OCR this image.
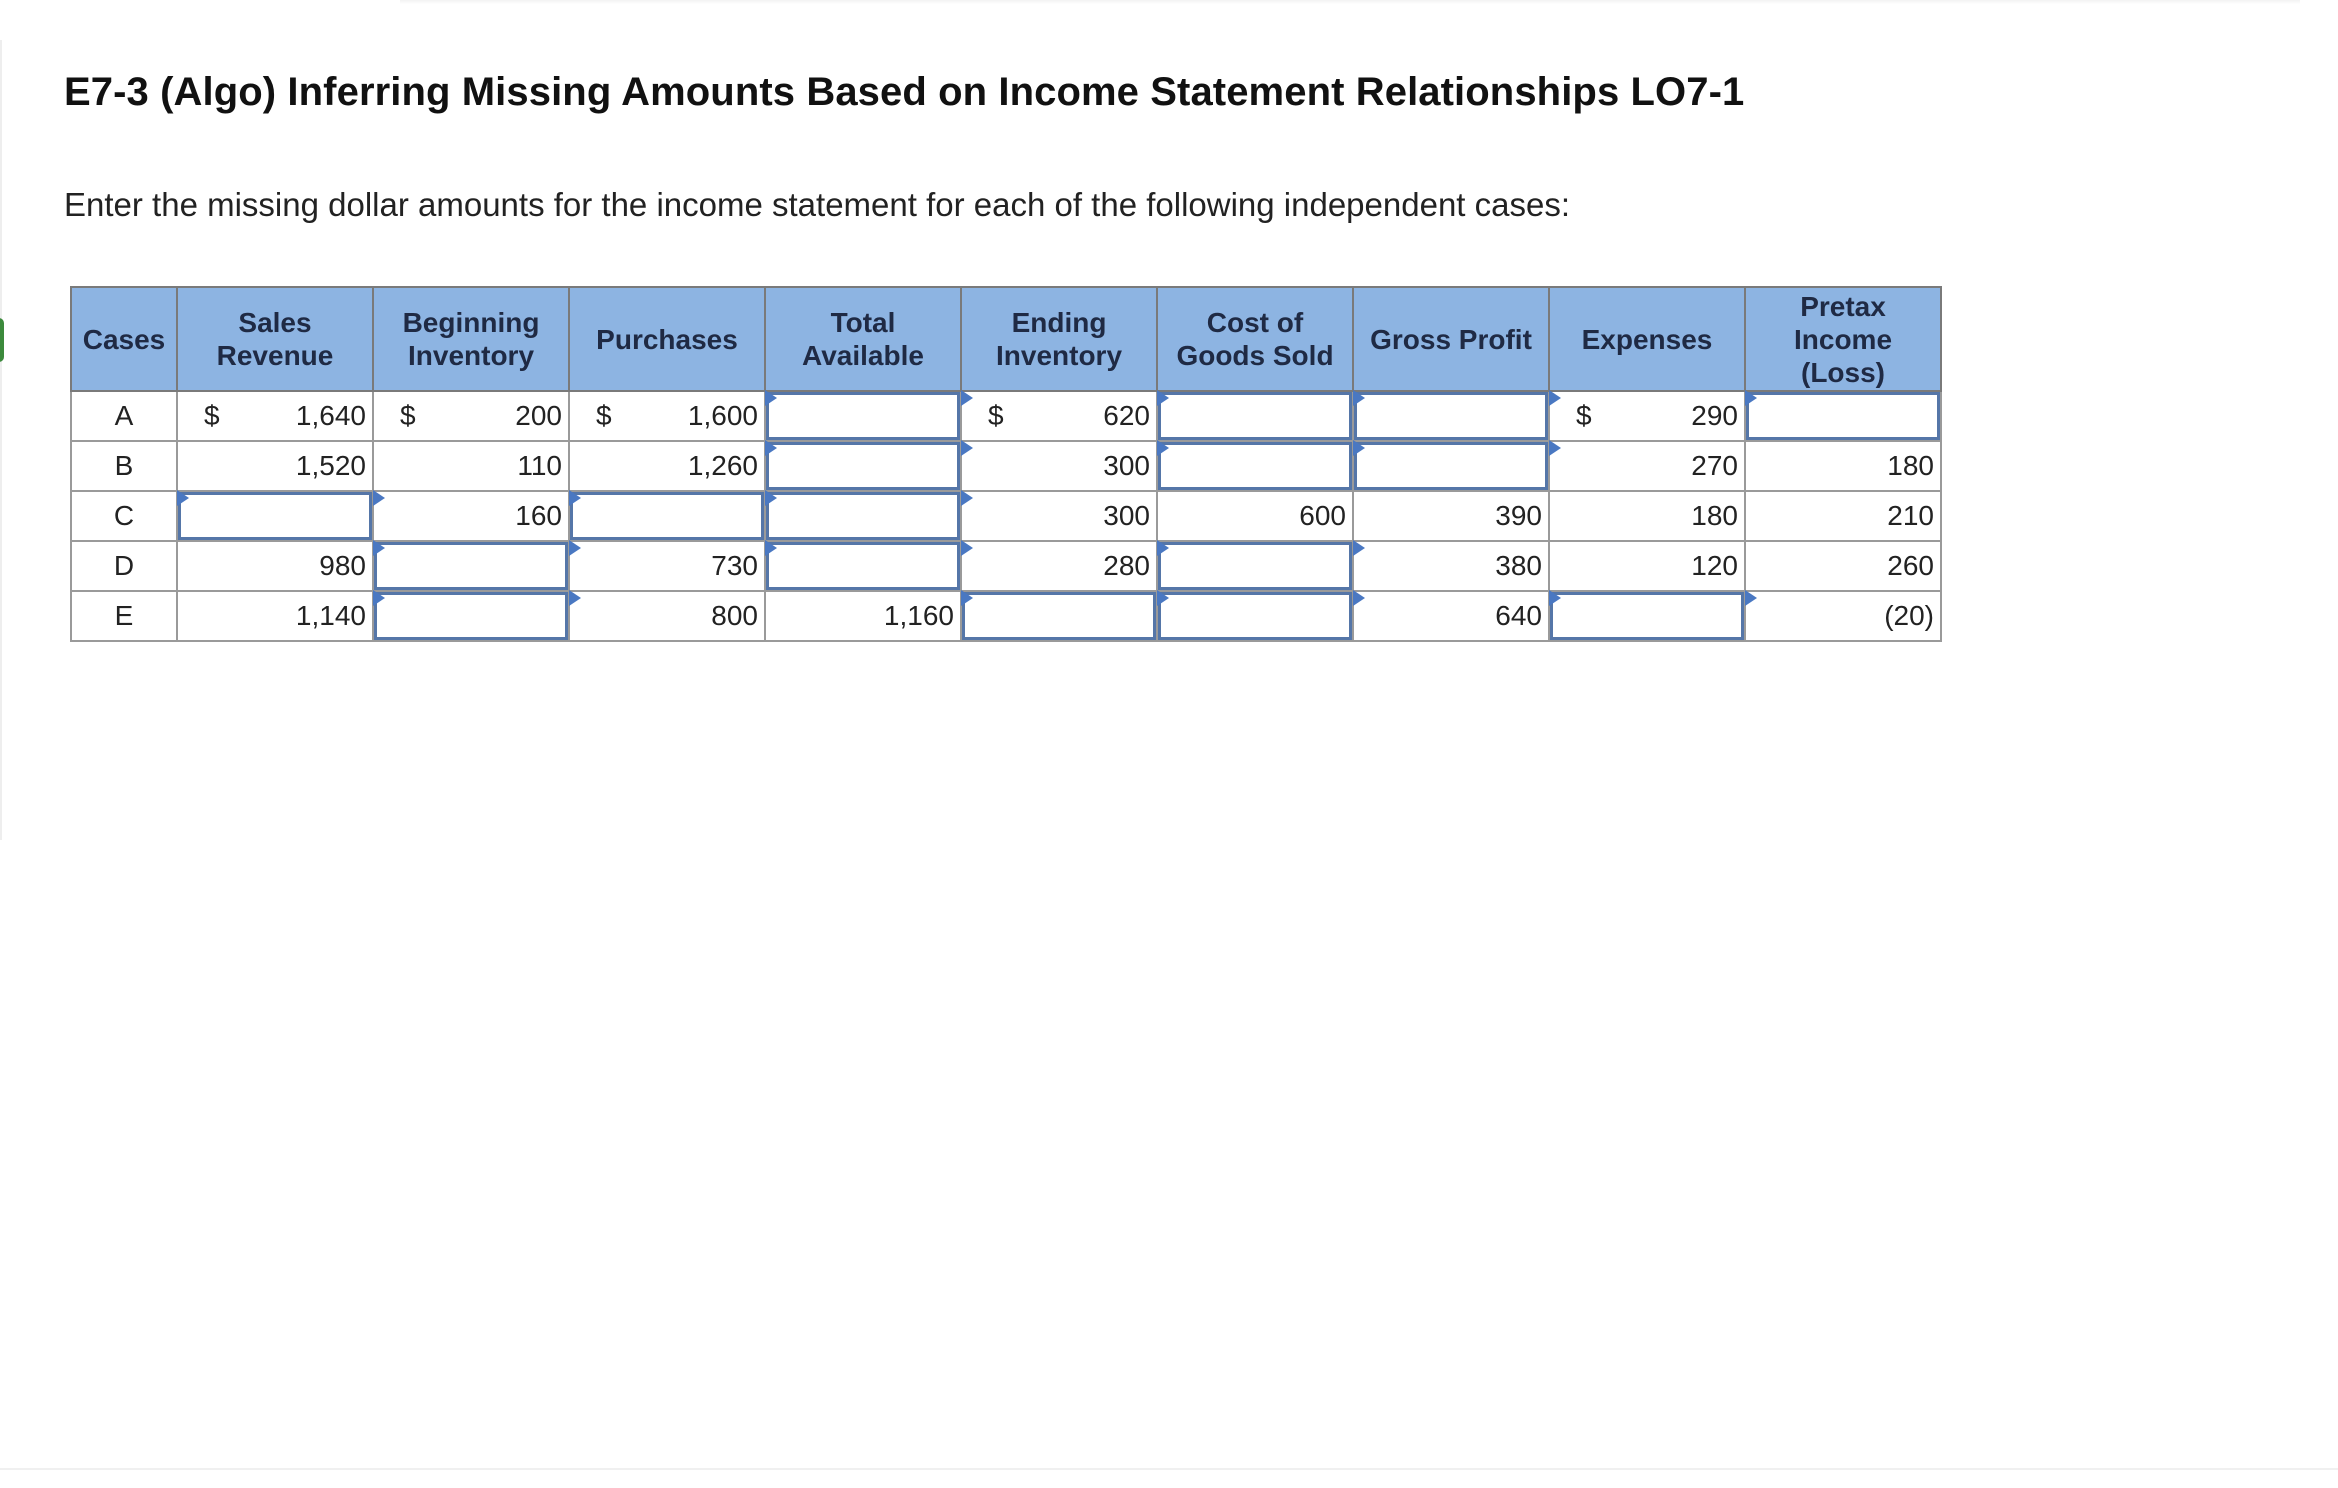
E7-3 (Algo) Inferring Missing Amounts Based on Income Statement Relationships LO7-1

Enter the missing dollar amounts for the income statement for each of the following independent cases:

Cases	Sales Revenue	Beginning Inventory	Purchases	Total Available	Ending Inventory	Cost of Goods Sold	Gross Profit	Expenses	Pretax Income (Loss)
A	$ 1,640	$ 200	$ 1,600		$ 620			$ 290

B	1,520	110	1,260		300			270	180

C		160			300	600	390	180	210

D	980		730		280		380	120	260

E	1,140		800	1,160			640		(20)
